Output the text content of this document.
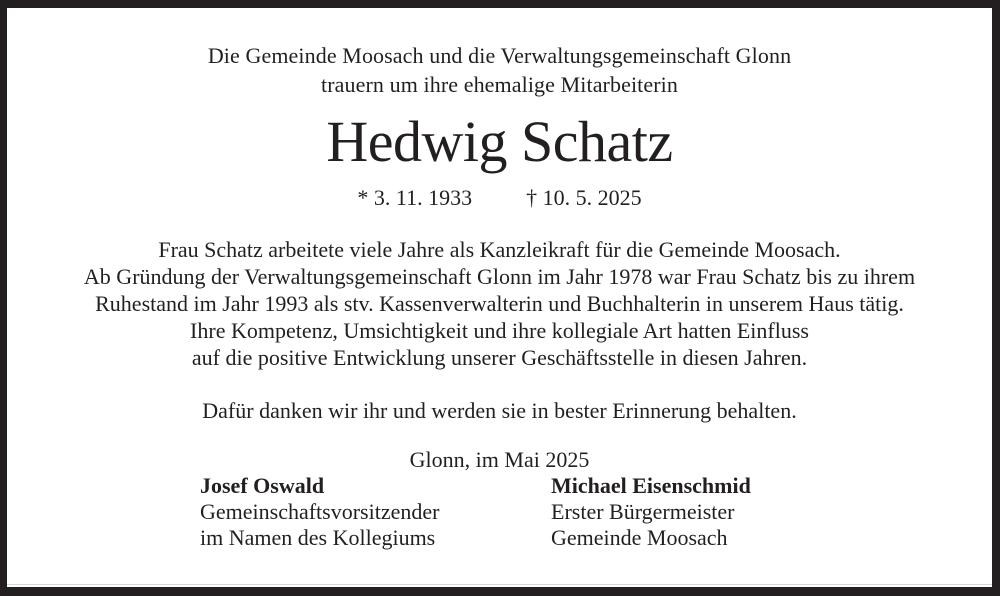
Die Gemeinde Moosach und die Verwaltungsgemeinschaft Glonn
trauern um ihre ehemalige Mitarbeiterin
Hedwig Schatz
* 3. 11. 1933 † 10. 5. 2025
Frau Schatz arbeitete viele Jahre als Kanzleikraft für die Gemeinde Moosach.
Ab Gründung der Verwaltungsgemeinschaft Glonn im Jahr 1978 war Frau Schatz bis zu ihrem
Ruhestand im Jahr 1993 als stv. Kassenverwalterin und Buchhalterin in unserem Haus tätig.
Ihre Kompetenz, Umsichtigkeit und ihre kollegiale Art hatten Einfluss
auf die positive Entwicklung unserer Geschäftsstelle in diesen Jahren.
Dafür danken wir ihr und werden sie in bester Erinnerung behalten.
Glonn, im Mai 2025
Josef Oswald
Gemeinschaftsvorsitzender
im Namen des Kollegiums
Michael Eisenschmid
Erster Bürgermeister
Gemeinde Moosach
